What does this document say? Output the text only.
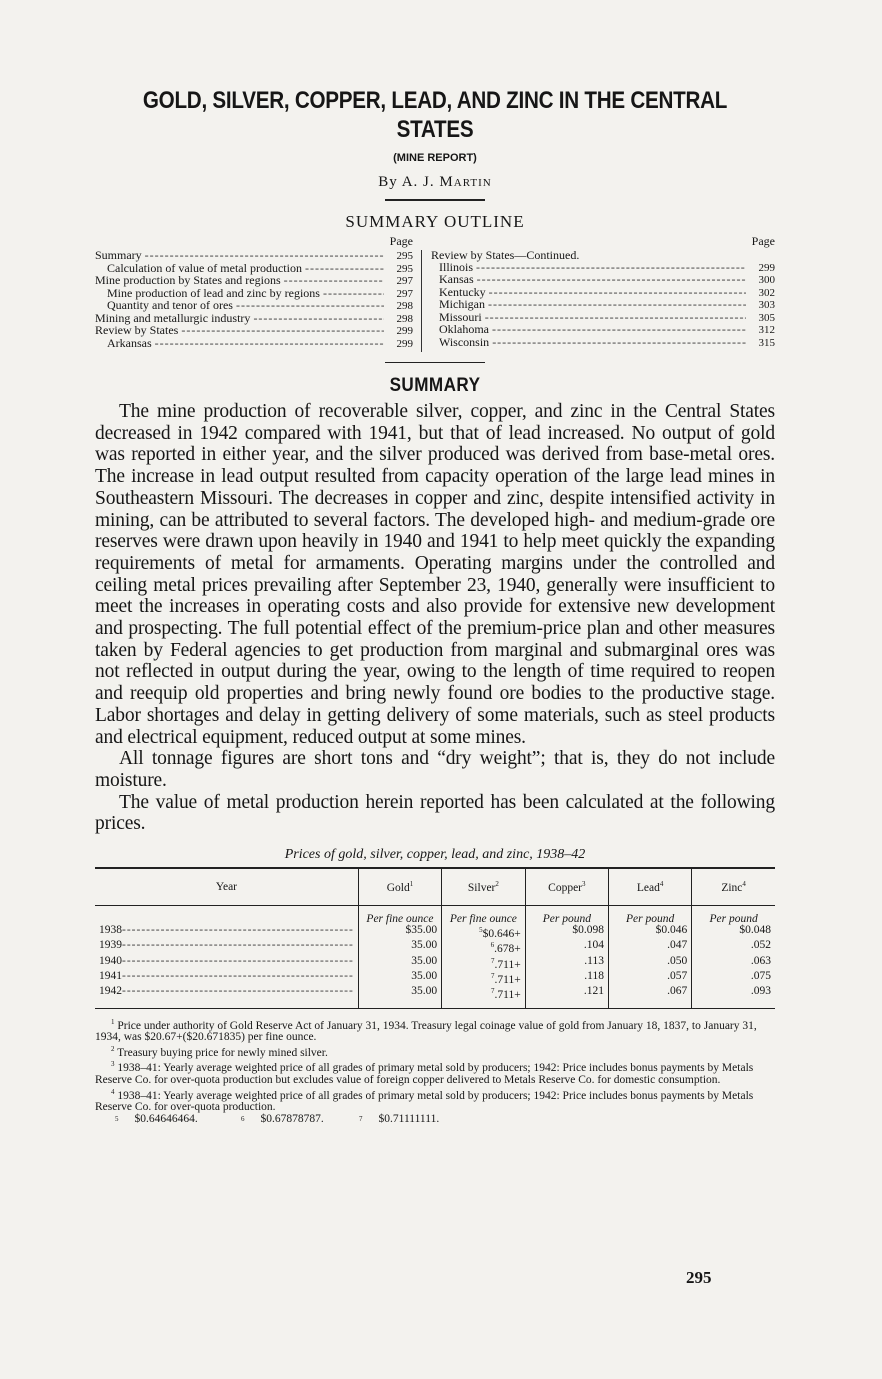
GOLD, SILVER, COPPER, LEAD, AND ZINC IN THE CENTRAL
STATES
(MINE REPORT)
By A. J. Martin
SUMMARY OUTLINE
Page
Summary -----	295
Calculation of value of metal production -----	295
Mine production by States and regions -----	297
Mine production of lead and zinc by regions -----	297
Quantity and tenor of ores -----	298
Mining and metallurgic industry -----	298
Review by States -----	299
Arkansas -----	299
Page
Review by States—Continued.
Illinois -----	299
Kansas -----	300
Kentucky -----	302
Michigan -----	303
Missouri -----	305
Oklahoma -----	312
Wisconsin -----	315
SUMMARY

The mine production of recoverable silver, copper, and zinc in the Central States decreased in 1942 compared with 1941, but that of lead increased. No output of gold was reported in either year, and the silver produced was derived from base-metal ores. The increase in lead output resulted from capacity operation of the large lead mines in Southeastern Missouri. The decreases in copper and zinc, despite intensified activity in mining, can be attributed to several factors. The developed high- and medium-grade ore reserves were drawn upon heavily in 1940 and 1941 to help meet quickly the expanding requirements of metal for armaments. Operating margins under the controlled and ceiling metal prices prevailing after September 23, 1940, generally were insufficient to meet the increases in operating costs and also provide for extensive new development and prospecting. The full potential effect of the premium-price plan and other measures taken by Federal agencies to get production from marginal and submarginal ores was not reflected in output during the year, owing to the length of time required to reopen and reequip old properties and bring newly found ore bodies to the productive stage. Labor shortages and delay in getting delivery of some materials, such as steel products and electrical equipment, reduced output at some mines.

All tonnage figures are short tons and “dry weight”; that is, they do not include moisture.

The value of metal production herein reported has been calculated at the following prices.

Prices of gold, silver, copper, lead, and zinc, 1938–42
Year	Gold$^1$	Silver$^2$	Copper$^3$	Lead$^4$	Zinc$^4$
	Per fine ounce	Per fine ounce	Per pound	Per pound	Per pound
1938------------------------------------------------	$35.00	$^5$\$0.646+	$0.098	$0.046	$0.048
1939------------------------------------------------	35.00	$^6$.678+	.104	.047	.052
1940------------------------------------------------	35.00	$^7$.711+	.113	.050	.063
1941------------------------------------------------	35.00	$^7$.711+	.118	.057	.075
1942------------------------------------------------	35.00	$^7$.711+	.121	.067	.093
$^1$ Price under authority of Gold Reserve Act of January 31, 1934. Treasury legal coinage value of gold from January 18, 1837, to January 31, 1934, was $20.67+($20.671835) per fine ounce.
$^2$ Treasury buying price for newly mined silver.
$^3$ 1938–41: Yearly average weighted price of all grades of primary metal sold by producers; 1942: Price includes bonus payments by Metals Reserve Co. for over-quota production but excludes value of foreign copper delivered to Metals Reserve Co. for domestic consumption.
$^4$ 1938–41: Yearly average weighted price of all grades of primary metal sold by producers; 1942: Price includes bonus payments by Metals Reserve Co. for over-quota production.
$^5$	$0.64646464.	$^6$	$0.67878787.	$^7$	$0.71111111.
295
